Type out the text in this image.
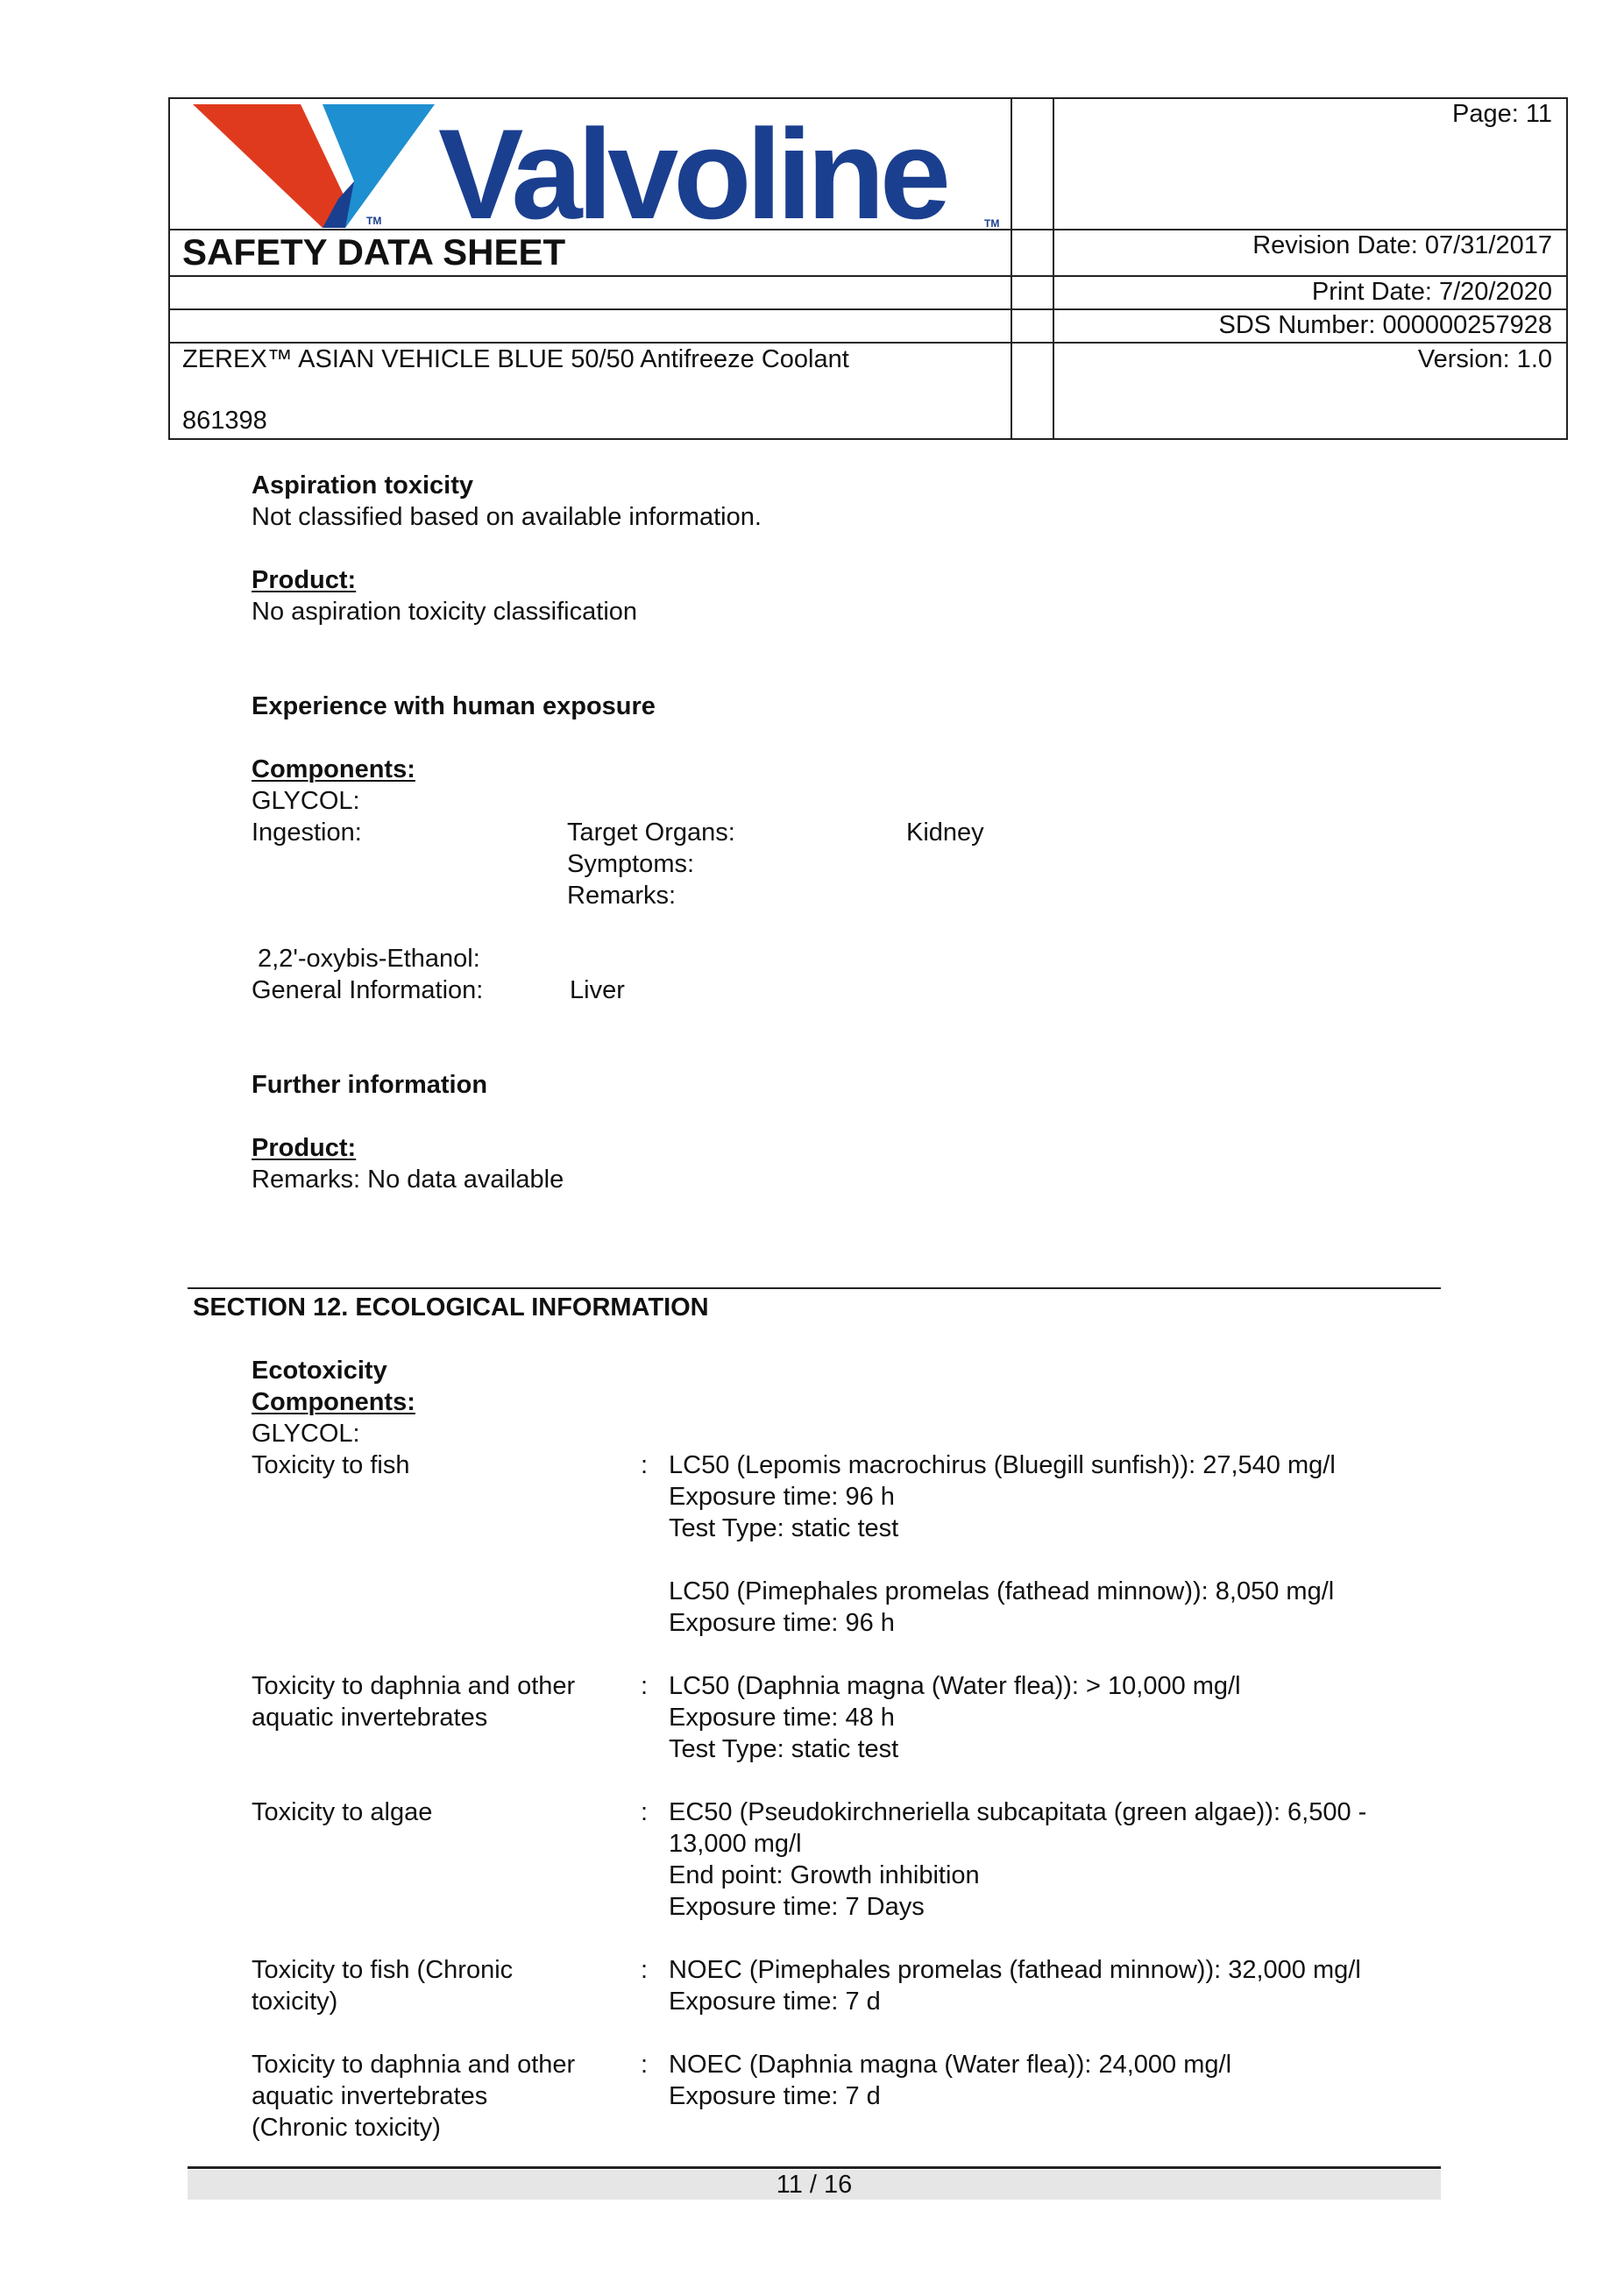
Valvoline
TM	TM
Page: 11
SAFETY DATA SHEET	Revision Date: 07/31/2017
Print Date: 7/20/2020
SDS Number: 000000257928
ZEREX™ ASIAN VEHICLE BLUE 50/50 Antifreeze Coolant	Version: 1.0
861398
Aspiration toxicity
Not classified based on available information.
Product:
No aspiration toxicity classification
Experience with human exposure
Components:
GLYCOL:
Ingestion:	Target Organs:	Kidney
Symptoms:
Remarks:
2,2'-oxybis-Ethanol:
General Information:	Liver
Further information
Product:
Remarks: No data available
SECTION 12. ECOLOGICAL INFORMATION
Ecotoxicity
Components:
GLYCOL:
Toxicity to fish	: LC50 (Lepomis macrochirus (Bluegill sunfish)): 27,540 mg/l
Exposure time: 96 h
Test Type: static test
LC50 (Pimephales promelas (fathead minnow)): 8,050 mg/l
Exposure time: 96 h
Toxicity to daphnia and other
aquatic invertebrates
: LC50 (Daphnia magna (Water flea)): > 10,000 mg/l
Exposure time: 48 h
Test Type: static test
Toxicity to algae	: EC50 (Pseudokirchneriella subcapitata (green algae)): 6,500 -
13,000 mg/l
End point: Growth inhibition
Exposure time: 7 Days
Toxicity to fish (Chronic
toxicity)
: NOEC (Pimephales promelas (fathead minnow)): 32,000 mg/l
Exposure time: 7 d
Toxicity to daphnia and other
aquatic invertebrates
(Chronic toxicity)
: NOEC (Daphnia magna (Water flea)): 24,000 mg/l
Exposure time: 7 d
11 / 16
